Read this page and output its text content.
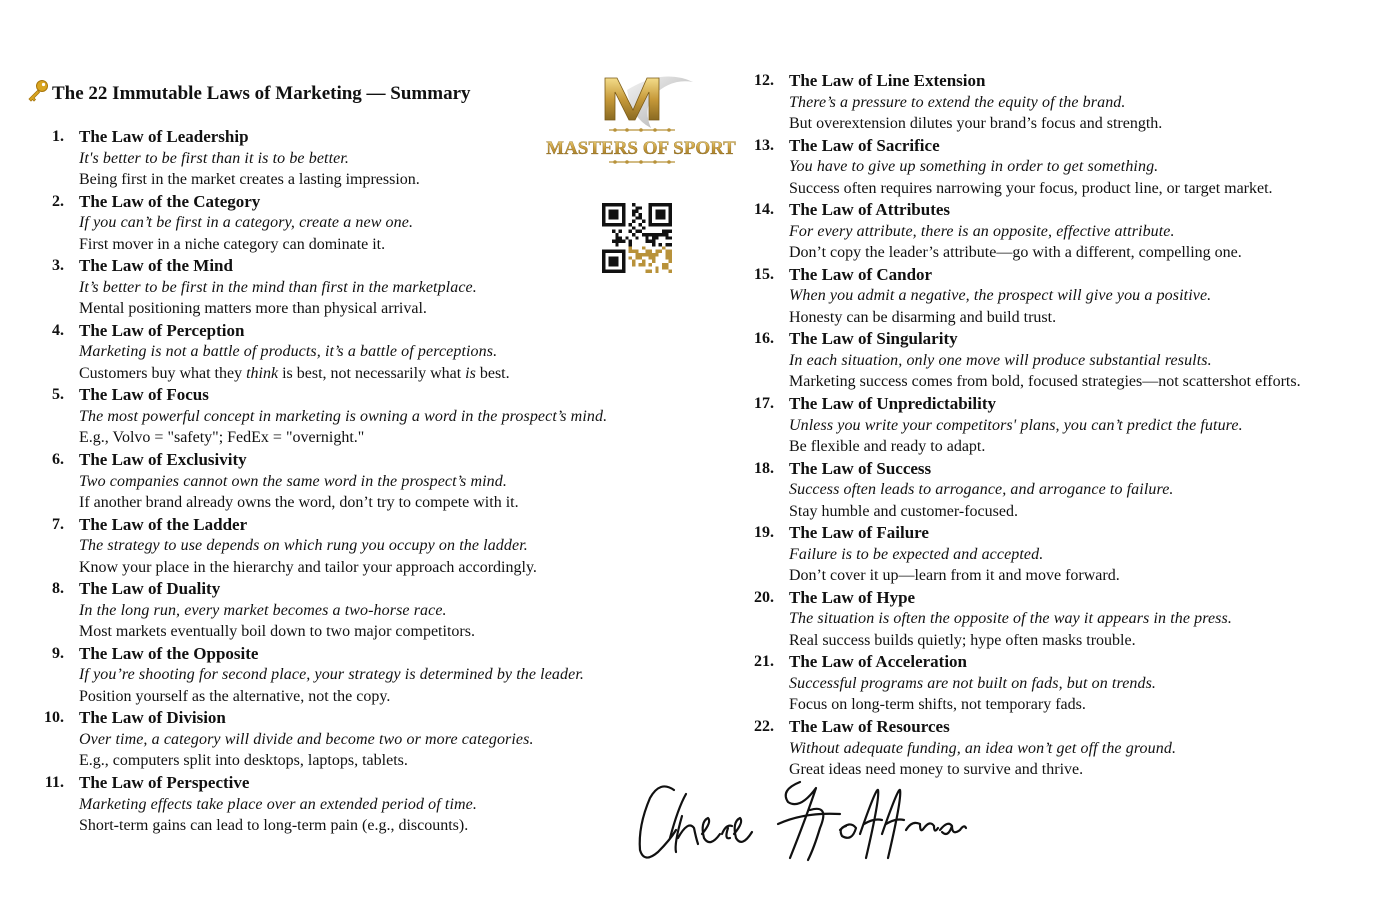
The 22 Immutable Laws of Marketing — Summary
MASTERS OF SPORT
1. The Law of Leadership
It's better to be first than it is to be better.
Being first in the market creates a lasting impression.
2. The Law of the Category
If you can’t be first in a category, create a new one.
First mover in a niche category can dominate it.
3. The Law of the Mind
It’s better to be first in the mind than first in the marketplace.
Mental positioning matters more than physical arrival.
4. The Law of Perception
Marketing is not a battle of products, it’s a battle of perceptions.
Customers buy what they think is best, not necessarily what is best.
5. The Law of Focus
The most powerful concept in marketing is owning a word in the prospect’s mind.
E.g., Volvo = "safety"; FedEx = "overnight."
6. The Law of Exclusivity
Two companies cannot own the same word in the prospect’s mind.
If another brand already owns the word, don’t try to compete with it.
7. The Law of the Ladder
The strategy to use depends on which rung you occupy on the ladder.
Know your place in the hierarchy and tailor your approach accordingly.
8. The Law of Duality
In the long run, every market becomes a two-horse race.
Most markets eventually boil down to two major competitors.
9. The Law of the Opposite
If you’re shooting for second place, your strategy is determined by the leader.
Position yourself as the alternative, not the copy.
10. The Law of Division
Over time, a category will divide and become two or more categories.
E.g., computers split into desktops, laptops, tablets.
11. The Law of Perspective
Marketing effects take place over an extended period of time.
Short-term gains can lead to long-term pain (e.g., discounts).
12. The Law of Line Extension
There’s a pressure to extend the equity of the brand.
But overextension dilutes your brand’s focus and strength.
13. The Law of Sacrifice
You have to give up something in order to get something.
Success often requires narrowing your focus, product line, or target market.
14. The Law of Attributes
For every attribute, there is an opposite, effective attribute.
Don’t copy the leader’s attribute—go with a different, compelling one.
15. The Law of Candor
When you admit a negative, the prospect will give you a positive.
Honesty can be disarming and build trust.
16. The Law of Singularity
In each situation, only one move will produce substantial results.
Marketing success comes from bold, focused strategies—not scattershot efforts.
17. The Law of Unpredictability
Unless you write your competitors' plans, you can’t predict the future.
Be flexible and ready to adapt.
18. The Law of Success
Success often leads to arrogance, and arrogance to failure.
Stay humble and customer-focused.
19. The Law of Failure
Failure is to be expected and accepted.
Don’t cover it up—learn from it and move forward.
20. The Law of Hype
The situation is often the opposite of the way it appears in the press.
Real success builds quietly; hype often masks trouble.
21. The Law of Acceleration
Successful programs are not built on fads, but on trends.
Focus on long-term shifts, not temporary fads.
22. The Law of Resources
Without adequate funding, an idea won’t get off the ground.
Great ideas need money to survive and thrive.
